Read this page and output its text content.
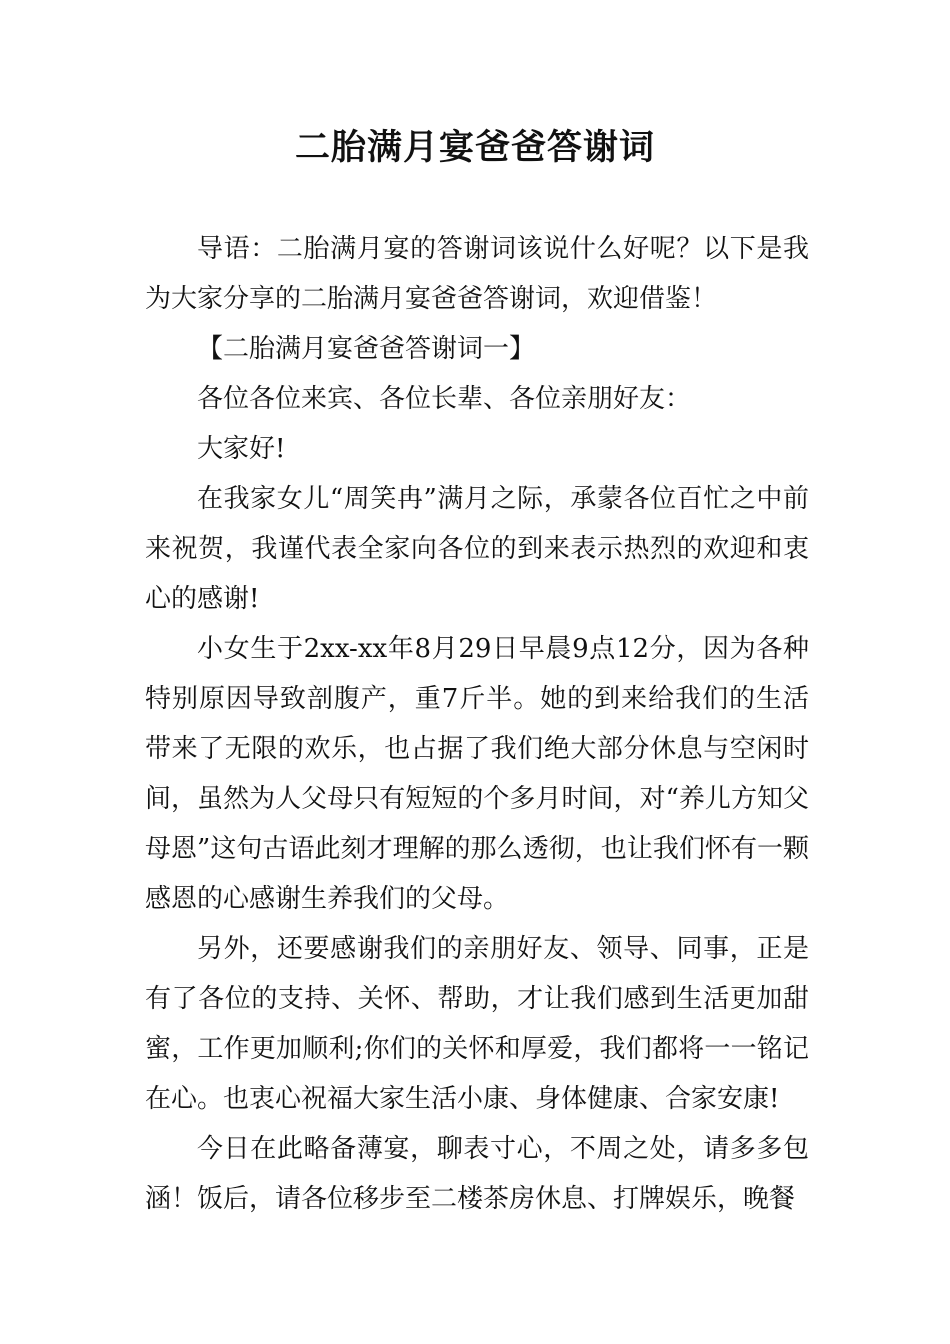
二胎满月宴爸爸答谢词

导语：二胎满月宴的答谢词该说什么好呢？以下是我为大家分享的二胎满月宴爸爸答谢词，欢迎借鉴！

【二胎满月宴爸爸答谢词一】

各位各位来宾、各位长辈、各位亲朋好友：

大家好!

在我家女儿“周笑冉”满月之际，承蒙各位百忙之中前来祝贺，我谨代表全家向各位的到来表示热烈的欢迎和衷心的感谢!

小女生于2xx-xx年8月29日早晨9点12分，因为各种特别原因导致剖腹产，重7斤半。她的到来给我们的生活带来了无限的欢乐，也占据了我们绝大部分休息与空闲时间，虽然为人父母只有短短的个多月时间，对“养儿方知父母恩”这句古语此刻才理解的那么透彻，也让我们怀有一颗感恩的心感谢生养我们的父母。

另外，还要感谢我们的亲朋好友、领导、同事，正是有了各位的支持、关怀、帮助，才让我们感到生活更加甜蜜，工作更加顺利;你们的关怀和厚爱，我们都将一一铭记在心。也衷心祝福大家生活小康、身体健康、合家安康!

今日在此略备薄宴，聊表寸心，不周之处，请多多包涵！饭后，请各位移步至二楼茶房休息、打牌娱乐，晚餐
